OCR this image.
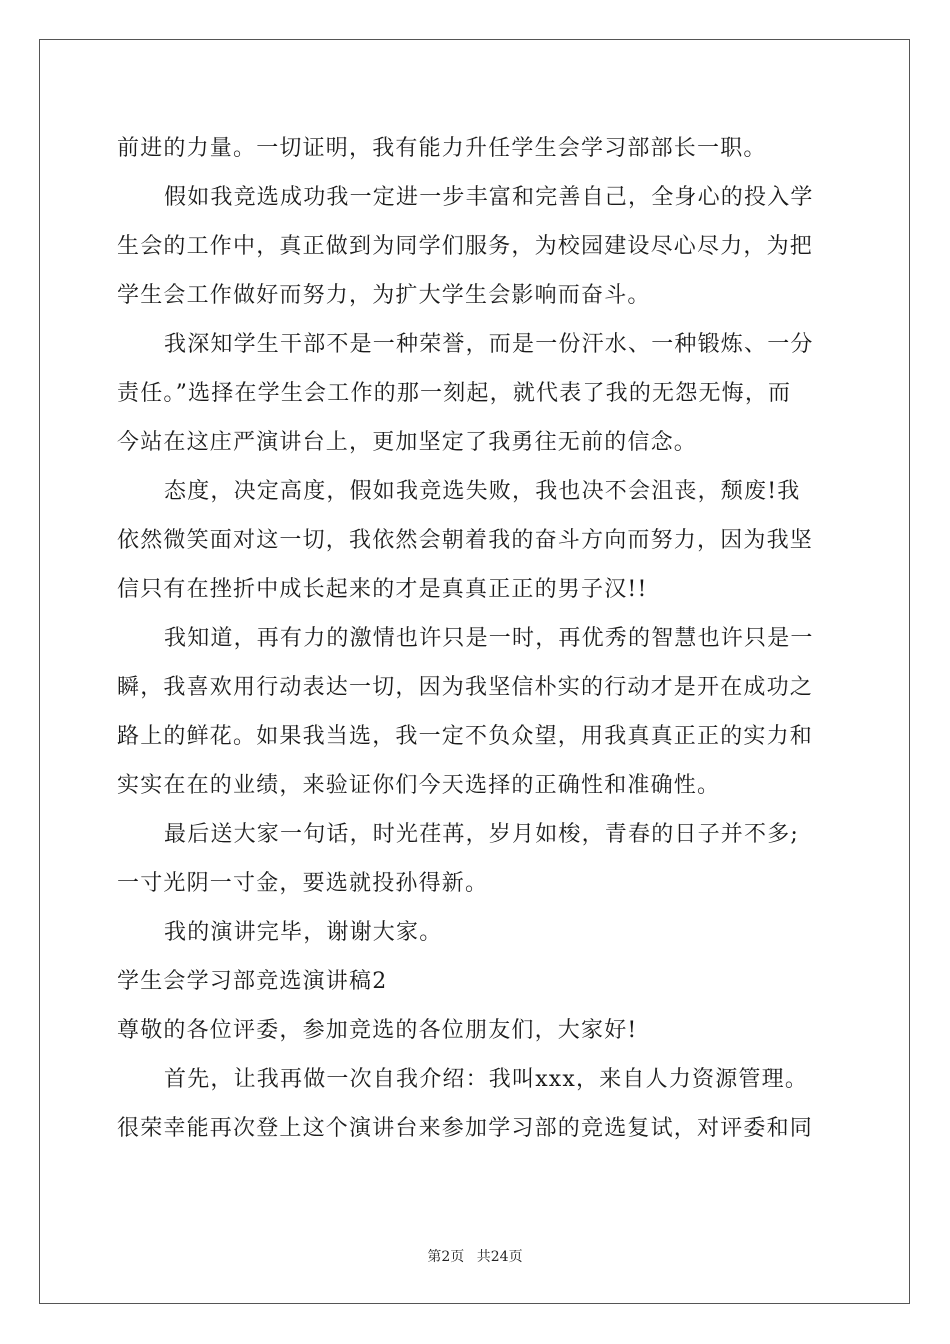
前进的力量。一切证明，我有能力升任学生会学习部部长一职。
假如我竞选成功我一定进一步丰富和完善自己，全身心的投入学
生会的工作中，真正做到为同学们服务，为校园建设尽心尽力，为把
学生会工作做好而努力，为扩大学生会影响而奋斗。
我深知学生干部不是一种荣誉，而是一份汗水、一种锻炼、一分
责任。”选择在学生会工作的那一刻起，就代表了我的无怨无悔，而
今站在这庄严演讲台上，更加坚定了我勇往无前的信念。
态度，决定高度，假如我竞选失败，我也决不会沮丧，颓废!我
依然微笑面对这一切，我依然会朝着我的奋斗方向而努力，因为我坚
信只有在挫折中成长起来的才是真真正正的男子汉!!
我知道，再有力的激情也许只是一时，再优秀的智慧也许只是一
瞬，我喜欢用行动表达一切，因为我坚信朴实的行动才是开在成功之
路上的鲜花。如果我当选，我一定不负众望，用我真真正正的实力和
实实在在的业绩，来验证你们今天选择的正确性和准确性。
最后送大家一句话，时光荏苒，岁月如梭，青春的日子并不多;
一寸光阴一寸金，要选就投孙得新。
我的演讲完毕，谢谢大家。
学生会学习部竞选演讲稿2
尊敬的各位评委，参加竞选的各位朋友们，大家好!
首先，让我再做一次自我介绍：我叫xxx，来自人力资源管理。
很荣幸能再次登上这个演讲台来参加学习部的竞选复试，对评委和同
第2页 共24页
